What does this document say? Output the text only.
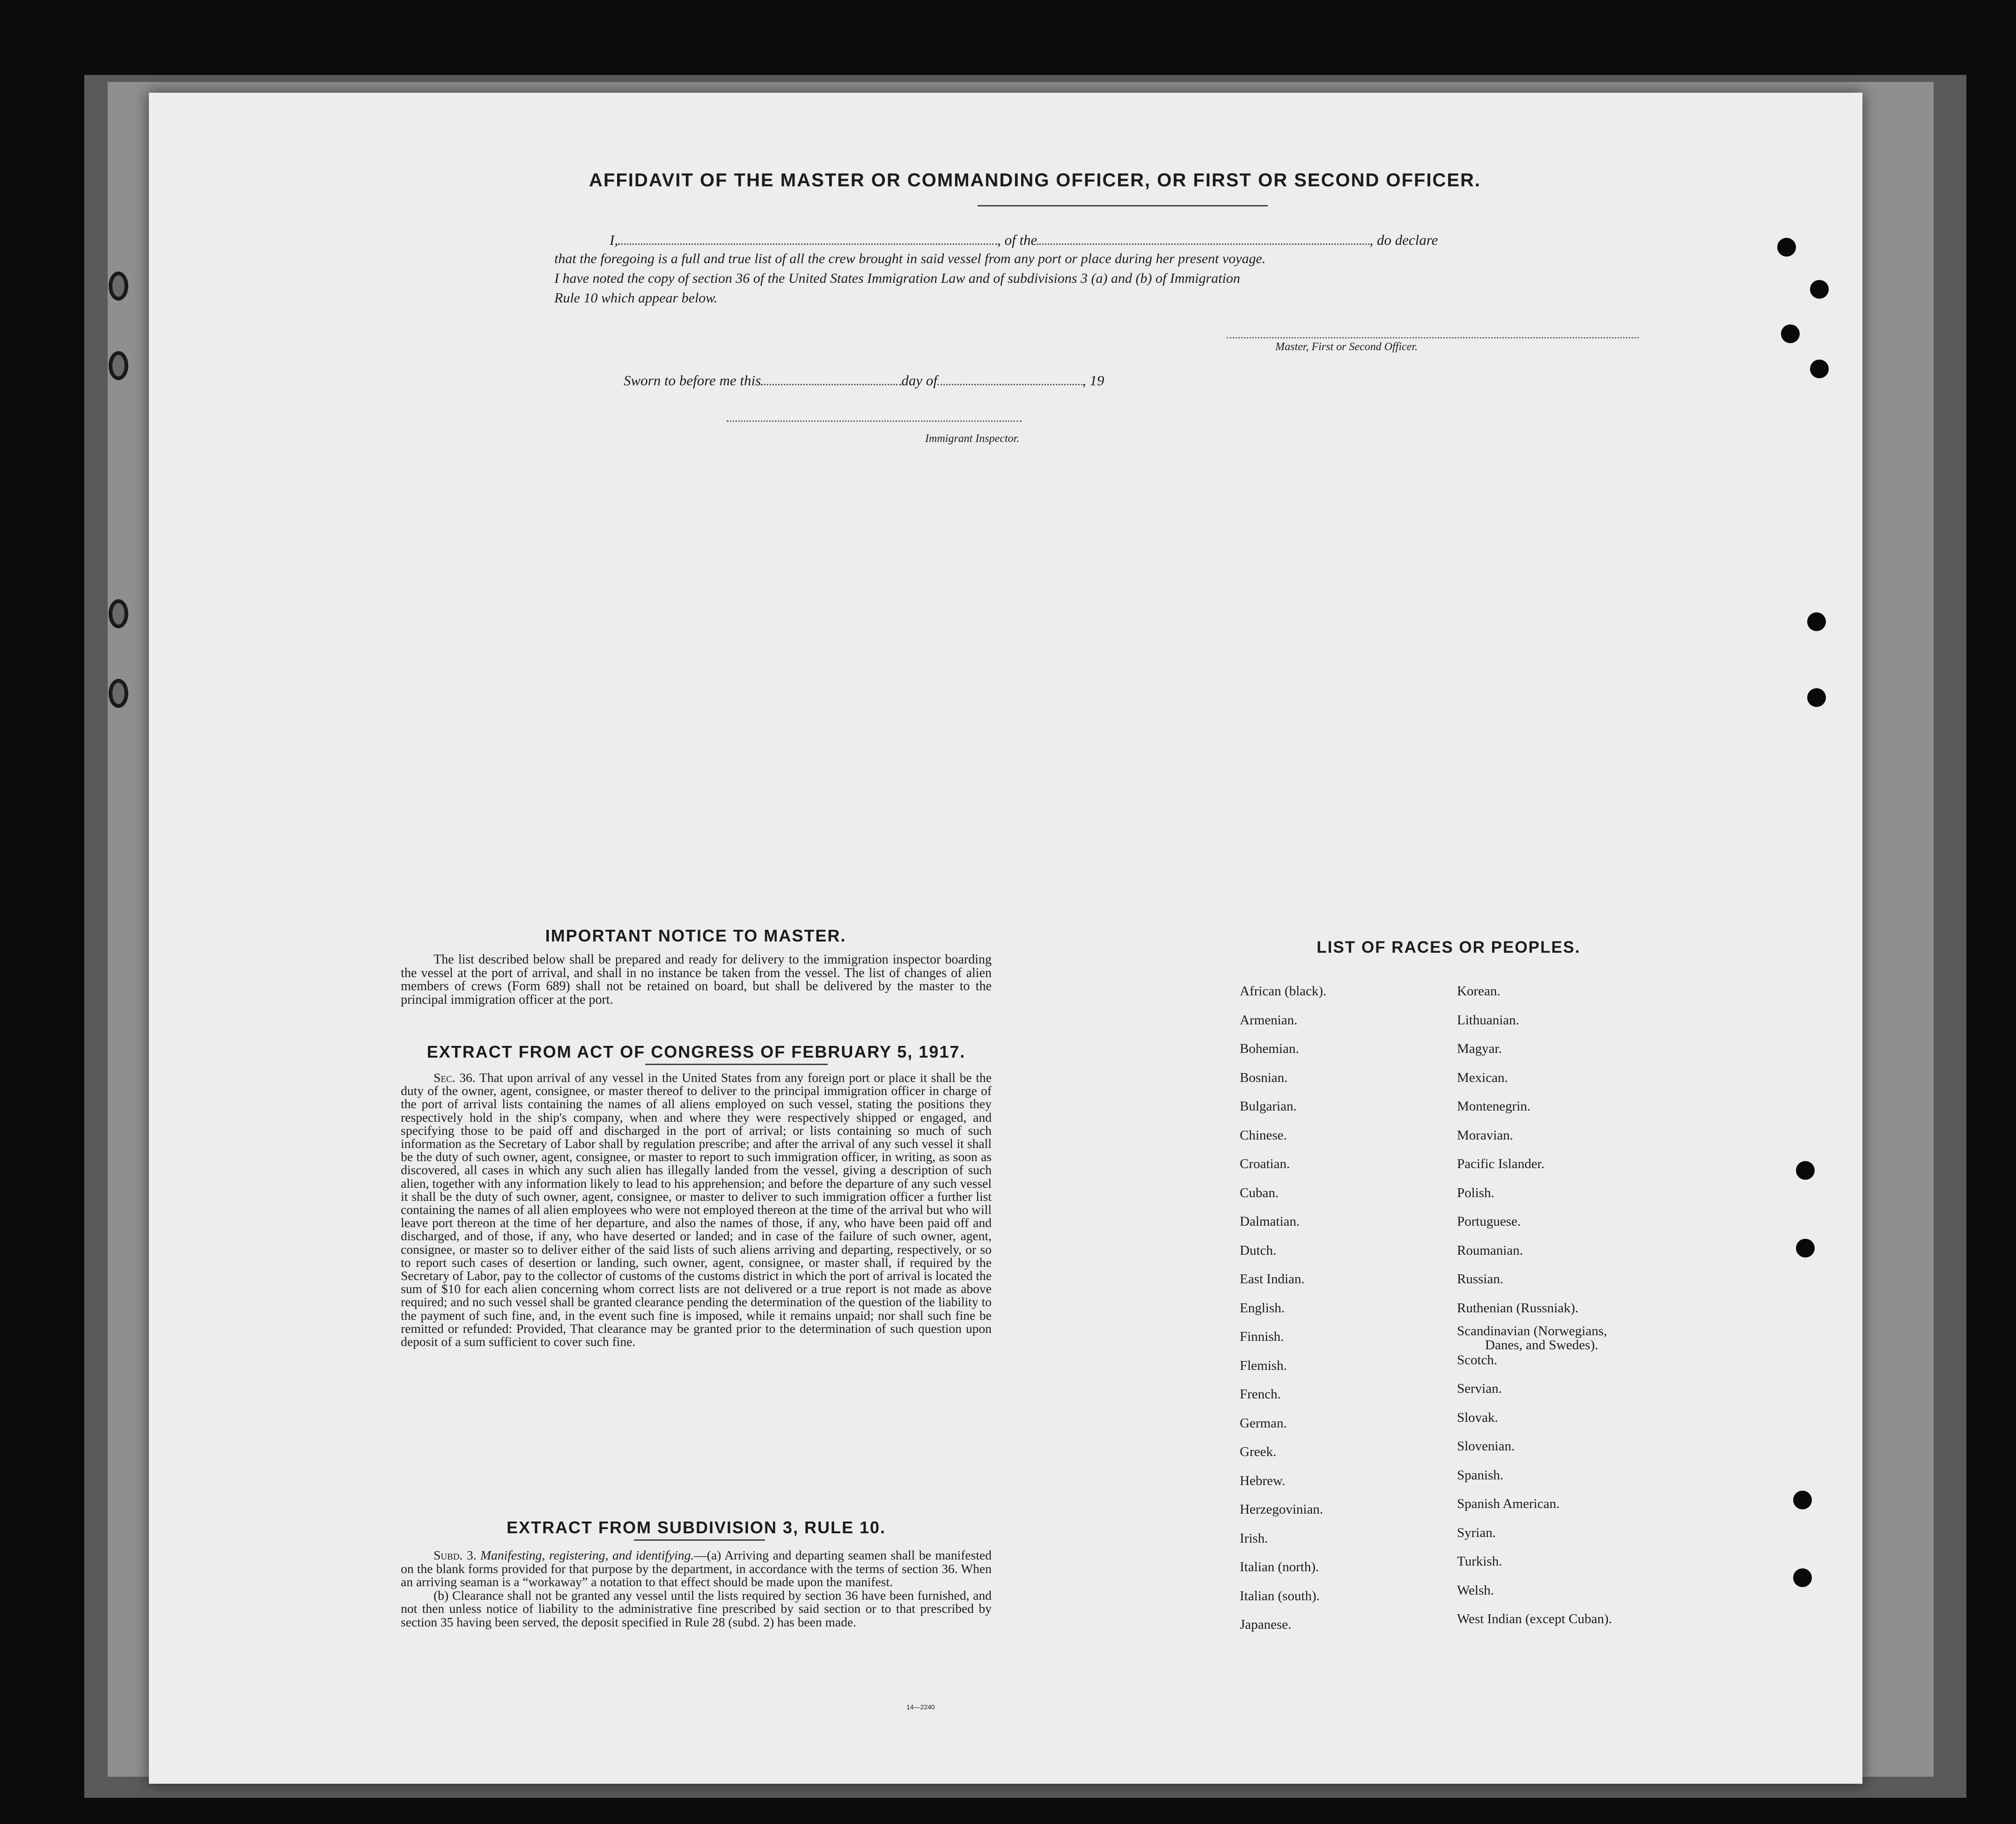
AFFIDAVIT OF THE MASTER OR COMMANDING OFFICER, OR FIRST OR SECOND OFFICER.
I,	, of the	, do declare
that the foregoing is a full and true list of all the crew brought in said vessel from any port or place during her present voyage.
I have noted the copy of section 36 of the United States Immigration Law and of subdivisions 3 (a) and (b) of Immigration
Rule 10 which appear below.
Master, First or Second Officer.
Sworn to before me this	day of	, 19
Immigrant Inspector.
IMPORTANT NOTICE TO MASTER.

The list described below shall be prepared and ready for delivery to the immigration inspector boarding the vessel at the port of arrival, and shall in no instance be taken from the vessel. The list of changes of alien members of crews (Form 689) shall not be retained on board, but shall be delivered by the master to the principal immigration officer at the port.

EXTRACT FROM ACT OF CONGRESS OF FEBRUARY 5, 1917.

Sec. 36. That upon arrival of any vessel in the United States from any foreign port or place it shall be the duty of the owner, agent, consignee, or master thereof to deliver to the principal immigration officer in charge of the port of arrival lists containing the names of all aliens employed on such vessel, stating the positions they respectively hold in the ship's company, when and where they were respectively shipped or engaged, and specifying those to be paid off and discharged in the port of arrival; or lists containing so much of such information as the Secretary of Labor shall by regulation prescribe; and after the arrival of any such vessel it shall be the duty of such owner, agent, consignee, or master to report to such immigration officer, in writing, as soon as discovered, all cases in which any such alien has illegally landed from the vessel, giving a description of such alien, together with any information likely to lead to his apprehension; and before the departure of any such vessel it shall be the duty of such owner, agent, consignee, or master to deliver to such immigration officer a further list containing the names of all alien employees who were not employed thereon at the time of the arrival but who will leave port thereon at the time of her departure, and also the names of those, if any, who have been paid off and discharged, and of those, if any, who have deserted or landed; and in case of the failure of such owner, agent, consignee, or master so to deliver either of the said lists of such aliens arriving and departing, respectively, or so to report such cases of desertion or landing, such owner, agent, consignee, or master shall, if required by the Secretary of Labor, pay to the collector of customs of the customs district in which the port of arrival is located the sum of $10 for each alien concerning whom correct lists are not delivered or a true report is not made as above required; and no such vessel shall be granted clearance pending the determination of the question of the liability to the payment of such fine, and, in the event such fine is imposed, while it remains unpaid; nor shall such fine be remitted or refunded: Provided, That clearance may be granted prior to the determination of such question upon deposit of a sum sufficient to cover such fine.

EXTRACT FROM SUBDIVISION 3, RULE 10.

Subd. 3. Manifesting, registering, and identifying.—(a) Arriving and departing seamen shall be manifested on the blank forms provided for that purpose by the department, in accordance with the terms of section 36. When an arriving seaman is a “workaway” a notation to that effect should be made upon the manifest.

(b) Clearance shall not be granted any vessel until the lists required by section 36 have been furnished, and not then unless notice of liability to the administrative fine prescribed by said section or to that prescribed by section 35 having been served, the deposit specified in Rule 28 (subd. 2) has been made.

14—2240
LIST OF RACES OR PEOPLES.
African (black).
Armenian.
Bohemian.
Bosnian.
Bulgarian.
Chinese.
Croatian.
Cuban.
Dalmatian.
Dutch.
East Indian.
English.
Finnish.
Flemish.
French.
German.
Greek.
Hebrew.
Herzegovinian.
Irish.
Italian (north).
Italian (south).
Japanese.
Korean.
Lithuanian.
Magyar.
Mexican.
Montenegrin.
Moravian.
Pacific Islander.
Polish.
Portuguese.
Roumanian.
Russian.
Ruthenian (Russniak).
Scandinavian (Norwegians,
Danes, and Swedes).
Scotch.
Servian.
Slovak.
Slovenian.
Spanish.
Spanish American.
Syrian.
Turkish.
Welsh.
West Indian (except Cuban).
